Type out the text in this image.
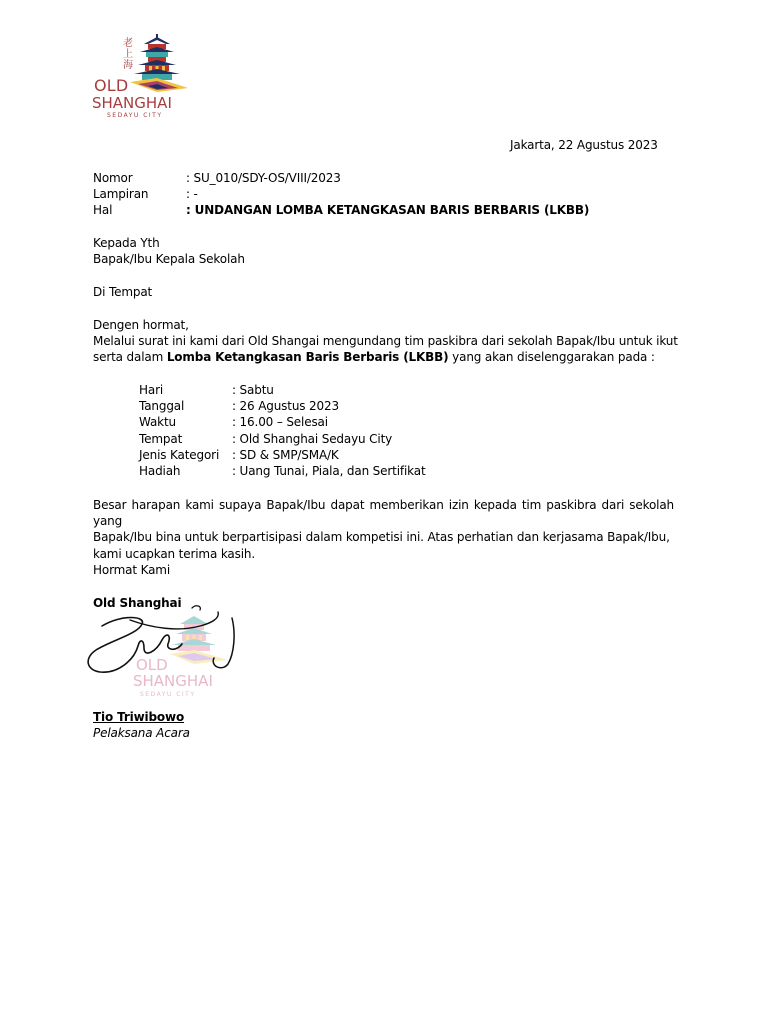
老
上
海
OLD
SHANGHAI
SEDAYU CITY
Jakarta, 22 Agustus 2023
Nomor	: SU_010/SDY-OS/VIII/2023
Lampiran	: -
Hal	: UNDANGAN LOMBA KETANGKASAN BARIS BERBARIS (LKBB)
Kepada Yth
Bapak/Ibu Kepala Sekolah
Di Tempat
Dengen hormat,
Melalui surat ini kami dari Old Shangai mengundang tim paskibra dari sekolah Bapak/Ibu untuk ikut
serta dalam Lomba Ketangkasan Baris Berbaris (LKBB) yang akan diselenggarakan pada :
Hari	: Sabtu
Tanggal	: 26 Agustus 2023
Waktu	: 16.00 – Selesai
Tempat	: Old Shanghai Sedayu City
Jenis Kategori : SD & SMP/SMA/K
Hadiah	: Uang Tunai, Piala, dan Sertifikat
Besar harapan kami supaya Bapak/Ibu dapat memberikan izin kepada tim paskibra dari sekolah yang
Bapak/Ibu bina untuk berpartisipasi dalam kompetisi ini. Atas perhatian dan kerjasama Bapak/Ibu,
kami ucapkan terima kasih.
Hormat Kami
Old Shanghai
OLD
SHANGHAI
SEDAYU CITY
Tio Triwibowo
Pelaksana Acara
